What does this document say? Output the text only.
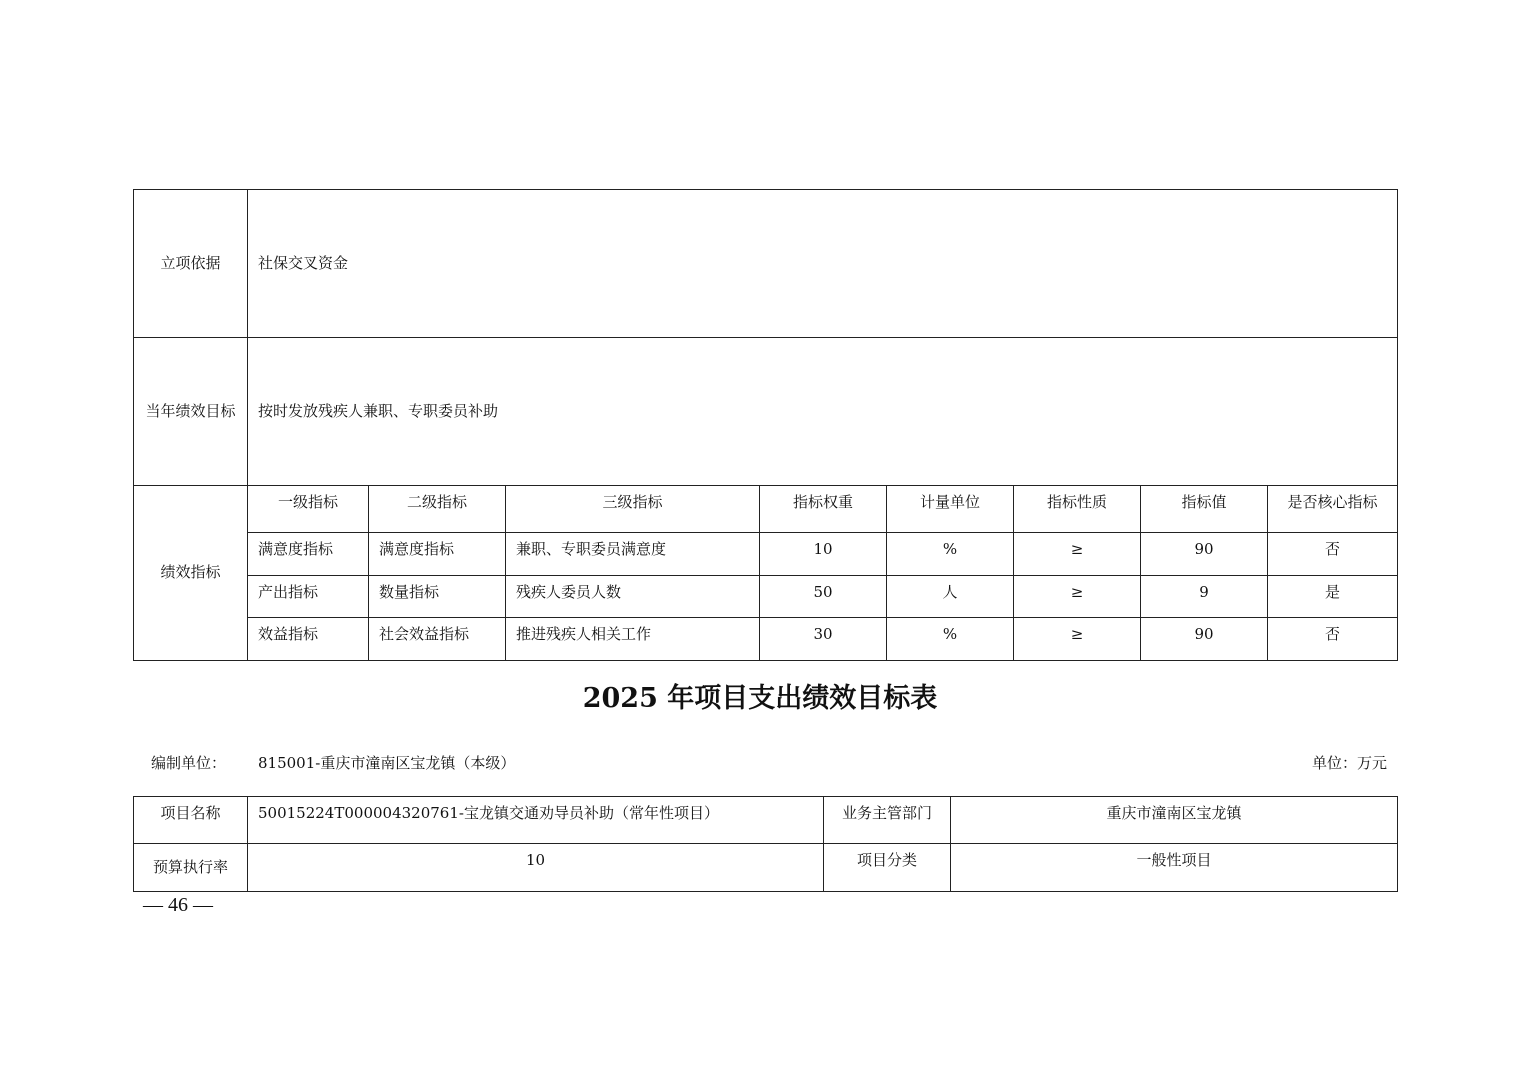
立项依据	社保交叉资金							
当年绩效目标	按时发放残疾人兼职、专职委员补助							
绩效指标	一级指标	二级指标	三级指标	指标权重	计量单位	指标性质	指标值	是否核心指标
	满意度指标	满意度指标	兼职、专职委员满意度	10	%	≥	90	否
	产出指标	数量指标	残疾人委员人数	50	人	≥	9	是
	效益指标	社会效益指标	推进残疾人相关工作	30	%	≥	90	否
2025 年项目支出绩效目标表
编制单位： 815001-重庆市潼南区宝龙镇（本级）	单位：万元
项目名称	50015224T000004320761-宝龙镇交通劝导员补助（常年性项目）	业务主管部门	重庆市潼南区宝龙镇
预算执行率	10	项目分类	一般性项目
— 46 —
